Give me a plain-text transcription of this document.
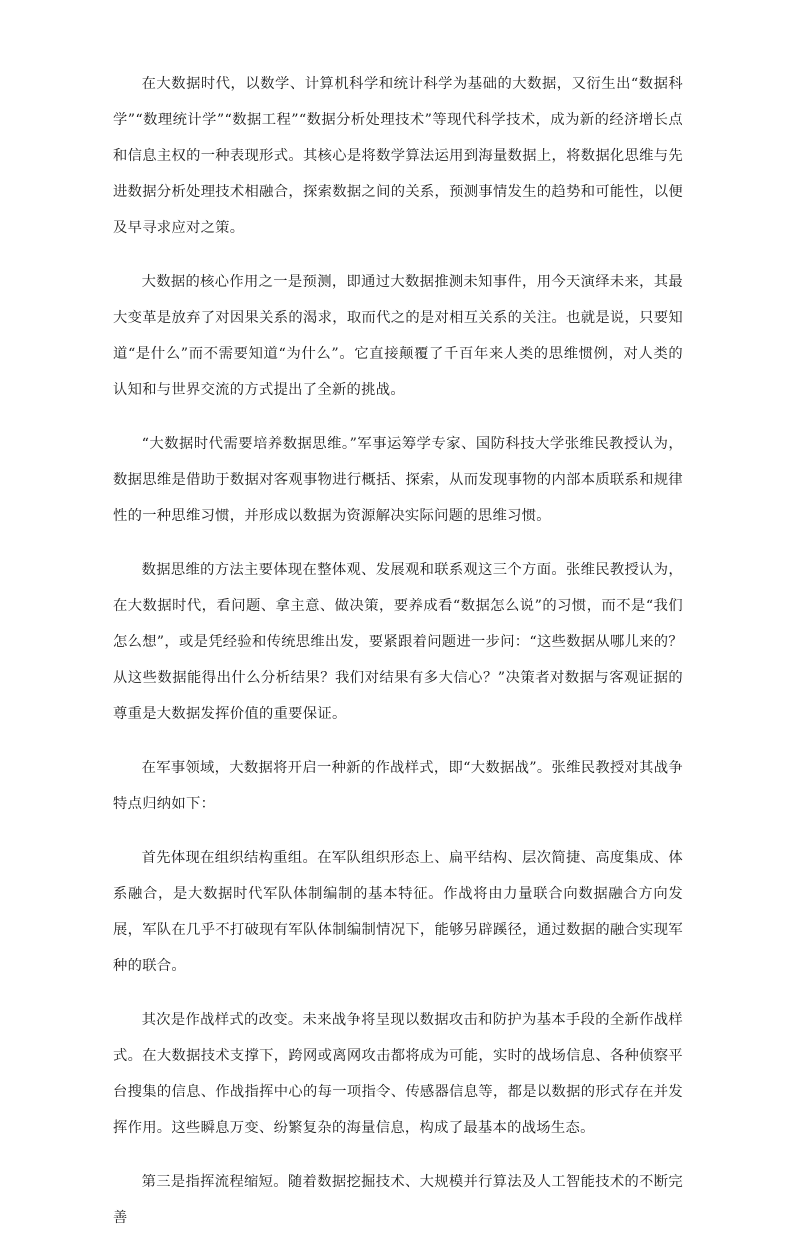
在大数据时代，以数学、计算机科学和统计科学为基础的大数据，又衍生出“数据科学”“数理统计学”“数据工程”“数据分析处理技术”等现代科学技术，成为新的经济增长点和信息主权的一种表现形式。其核心是将数学算法运用到海量数据上，将数据化思维与先进数据分析处理技术相融合，探索数据之间的关系，预测事情发生的趋势和可能性，以便及早寻求应对之策。

大数据的核心作用之一是预测，即通过大数据推测未知事件，用今天演绎未来，其最大变革是放弃了对因果关系的渴求，取而代之的是对相互关系的关注。也就是说，只要知道“是什么”而不需要知道“为什么”。它直接颠覆了千百年来人类的思维惯例，对人类的认知和与世界交流的方式提出了全新的挑战。

“大数据时代需要培养数据思维。”军事运筹学专家、国防科技大学张维民教授认为，数据思维是借助于数据对客观事物进行概括、探索，从而发现事物的内部本质联系和规律性的一种思维习惯，并形成以数据为资源解决实际问题的思维习惯。

数据思维的方法主要体现在整体观、发展观和联系观这三个方面。张维民教授认为，在大数据时代，看问题、拿主意、做决策，要养成看“数据怎么说”的习惯，而不是“我们怎么想”，或是凭经验和传统思维出发，要紧跟着问题进一步问：“这些数据从哪儿来的？从这些数据能得出什么分析结果？我们对结果有多大信心？”决策者对数据与客观证据的尊重是大数据发挥价值的重要保证。

在军事领域，大数据将开启一种新的作战样式，即“大数据战”。张维民教授对其战争特点归纳如下：

首先体现在组织结构重组。在军队组织形态上、扁平结构、层次简捷、高度集成、体系融合，是大数据时代军队体制编制的基本特征。作战将由力量联合向数据融合方向发展，军队在几乎不打破现有军队体制编制情况下，能够另辟蹊径，通过数据的融合实现军种的联合。

其次是作战样式的改变。未来战争将呈现以数据攻击和防护为基本手段的全新作战样式。在大数据技术支撑下，跨网或离网攻击都将成为可能，实时的战场信息、各种侦察平台搜集的信息、作战指挥中心的每一项指令、传感器信息等，都是以数据的形式存在并发挥作用。这些瞬息万变、纷繁复杂的海量信息，构成了最基本的战场生态。

第三是指挥流程缩短。随着数据挖掘技术、大规模并行算法及人工智能技术的不断完善
